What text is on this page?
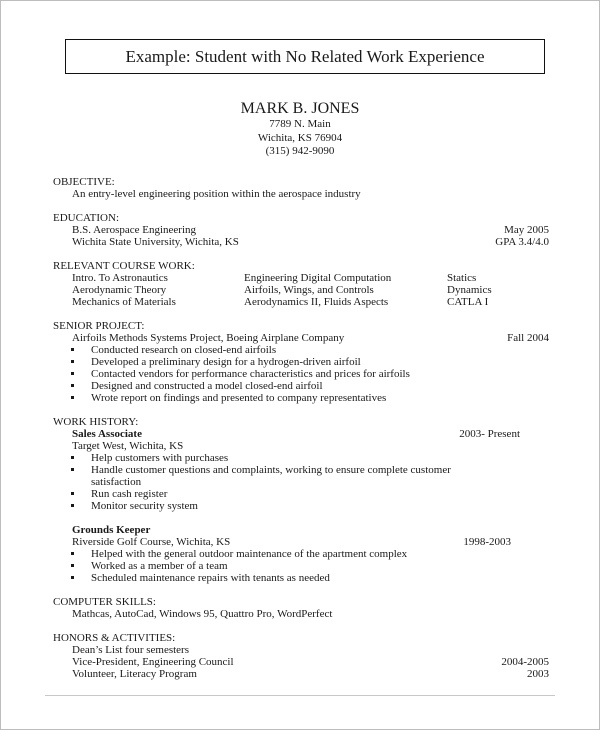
Example: Student with No Related Work Experience
MARK B. JONES
7789 N. Main
Wichita, KS 76904
(315) 942-9090
OBJECTIVE:
An entry-level engineering position within the aerospace industry
EDUCATION:
B.S. Aerospace Engineering	May 2005
Wichita State University, Wichita, KS	GPA 3.4/4.0
RELEVANT COURSE WORK:
Intro. To Astronautics	Engineering Digital Computation	Statics
Aerodynamic Theory	Airfoils, Wings, and Controls	Dynamics
Mechanics of Materials	Aerodynamics II, Fluids Aspects	CATLA I
SENIOR PROJECT:
Airfoils Methods Systems Project, Boeing Airplane Company	Fall 2004
Conducted research on closed-end airfoils
Developed a preliminary design for a hydrogen-driven airfoil
Contacted vendors for performance characteristics and prices for airfoils
Designed and constructed a model closed-end airfoil
Wrote report on findings and presented to company representatives
WORK HISTORY:
Sales Associate	2003- Present
Target West, Wichita, KS
Help customers with purchases
Handle customer questions and complaints, working to ensure complete customer satisfaction
Run cash register
Monitor security system
Grounds Keeper
Riverside Golf Course, Wichita, KS	1998-2003
Helped with the general outdoor maintenance of the apartment complex
Worked as a member of a team
Scheduled maintenance repairs with tenants as needed
COMPUTER SKILLS:
Mathcas, AutoCad, Windows 95, Quattro Pro, WordPerfect
HONORS & ACTIVITIES:
Dean’s List four semesters
Vice-President, Engineering Council	2004-2005
Volunteer, Literacy Program	2003
